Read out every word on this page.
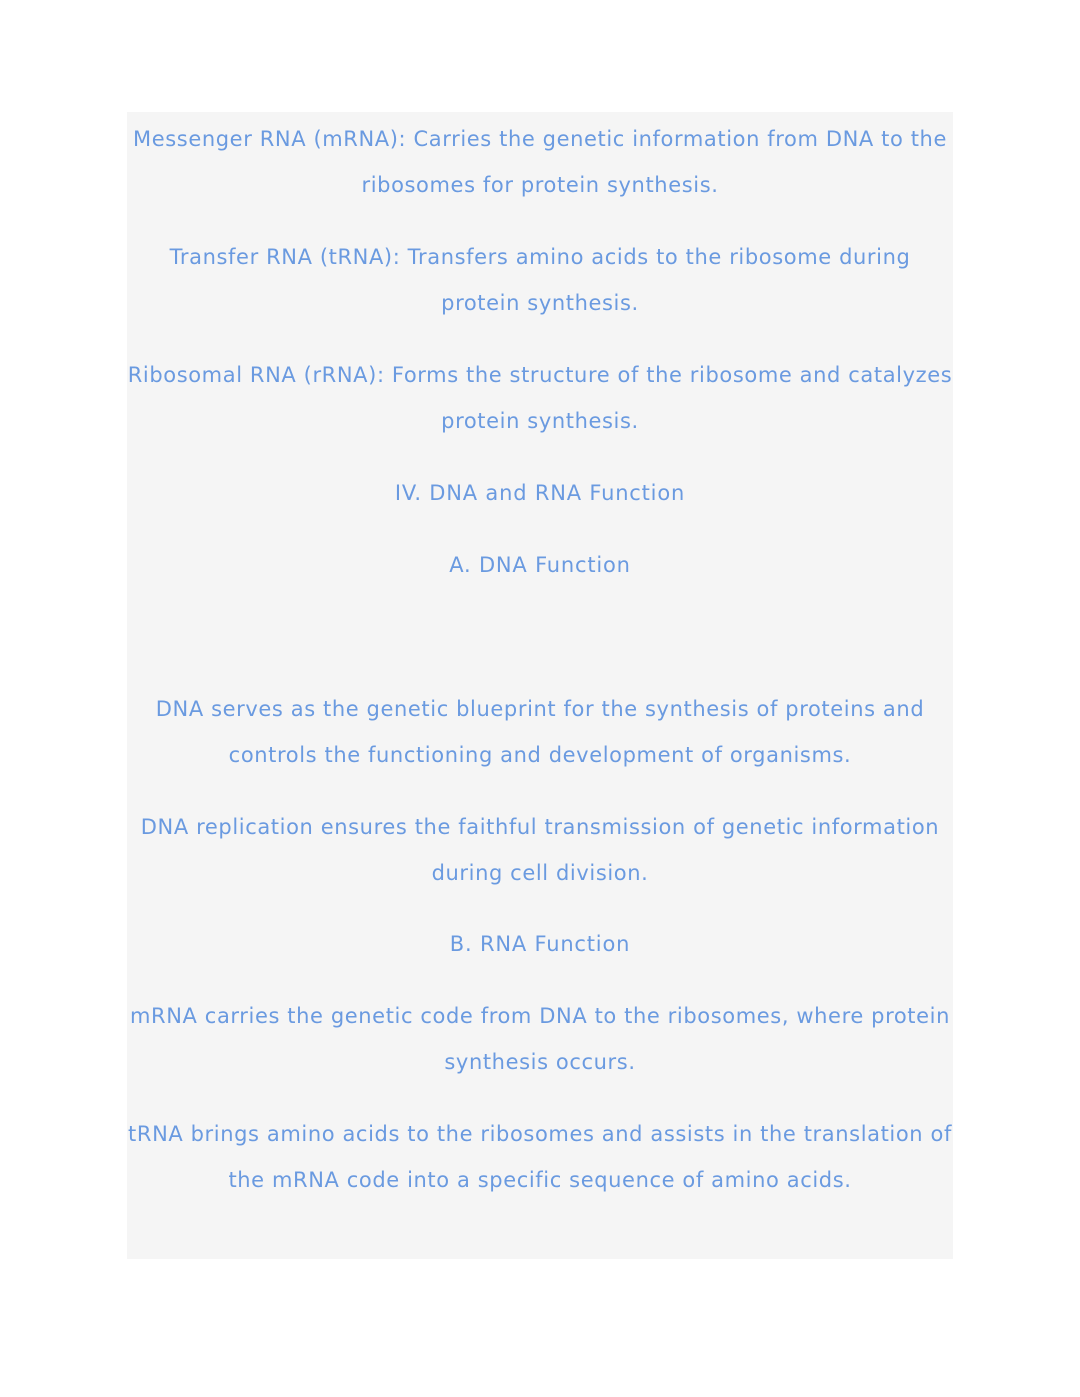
Messenger RNA (mRNA): Carries the genetic information from DNA to the ribosomes for protein synthesis.

Transfer RNA (tRNA): Transfers amino acids to the ribosome during protein synthesis.

Ribosomal RNA (rRNA): Forms the structure of the ribosome and catalyzes protein synthesis.

IV. DNA and RNA Function
A. DNA Function

DNA serves as the genetic blueprint for the synthesis of proteins and controls the functioning and development of organisms.

DNA replication ensures the faithful transmission of genetic information during cell division.

B. RNA Function

mRNA carries the genetic code from DNA to the ribosomes, where protein synthesis occurs.

tRNA brings amino acids to the ribosomes and assists in the translation of the mRNA code into a specific sequence of amino acids.
